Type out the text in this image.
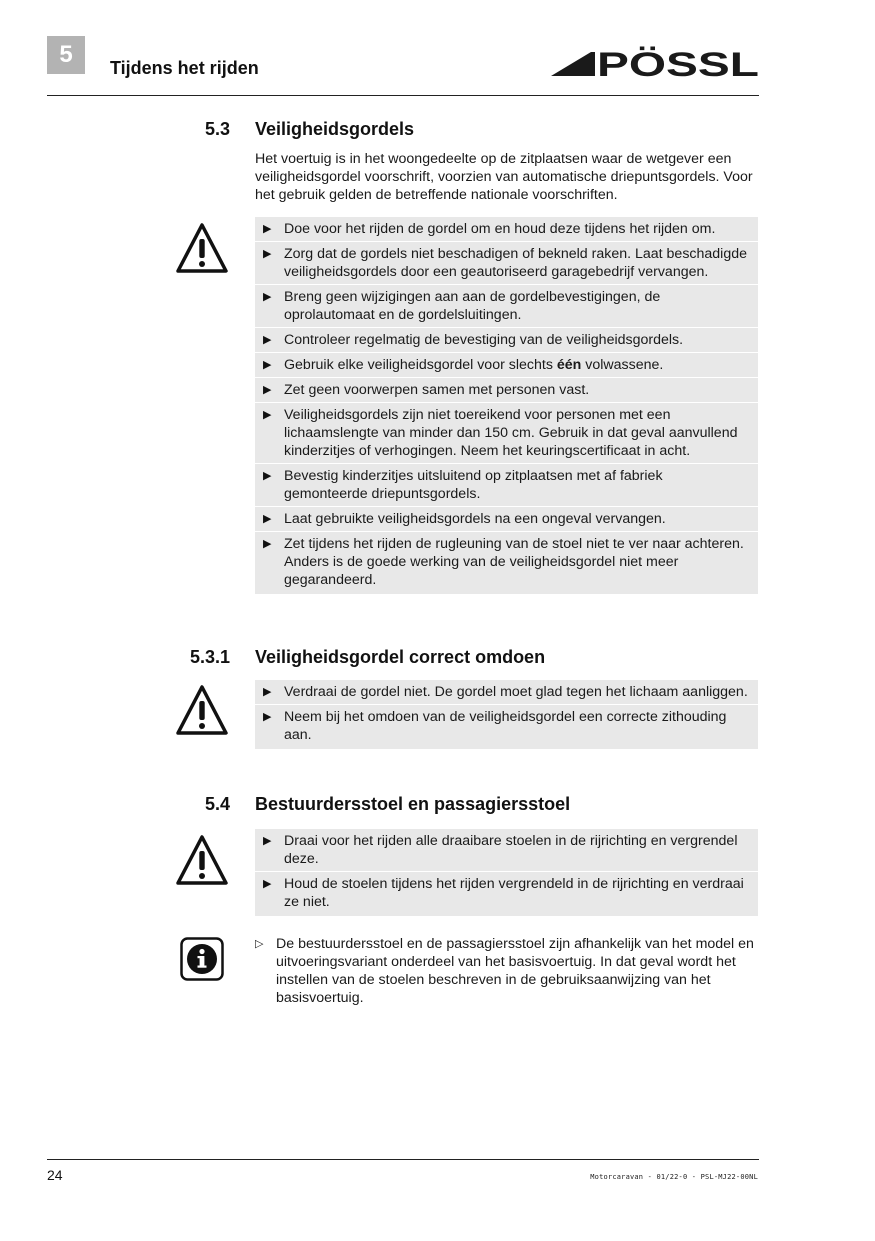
5 Tijdens het rijden	PÖSSL
5.3 Veiligheidsgordels

Het voertuig is in het woongedeelte op de zitplaatsen waar de wetgever een veiligheidsgordel voorschrift, voorzien van automatische driepuntsgordels. Voor het gebruik gelden de betreffende nationale voorschriften.

▶ Doe voor het rijden de gordel om en houd deze tijdens het rijden om.
▶ Zorg dat de gordels niet beschadigen of bekneld raken. Laat beschadigde veiligheidsgordels door een geautoriseerd garagebedrijf vervangen.
▶ Breng geen wijzigingen aan aan de gordelbevestigingen, de oprolautomaat en de gordelsluitingen.
▶ Controleer regelmatig de bevestiging van de veiligheidsgordels.
▶ Gebruik elke veiligheidsgordel voor slechts één volwassene.
▶ Zet geen voorwerpen samen met personen vast.
▶ Veiligheidsgordels zijn niet toereikend voor personen met een lichaamslengte van minder dan 150 cm. Gebruik in dat geval aanvullend kinderzitjes of verhogingen. Neem het keuringscertificaat in acht.
▶ Bevestig kinderzitjes uitsluitend op zitplaatsen met af fabriek gemonteerde driepuntsgordels.
▶ Laat gebruikte veiligheidsgordels na een ongeval vervangen.
▶ Zet tijdens het rijden de rugleuning van de stoel niet te ver naar achteren. Anders is de goede werking van de veiligheidsgordel niet meer gegarandeerd.
5.3.1 Veiligheidsgordel correct omdoen
▶ Verdraai de gordel niet. De gordel moet glad tegen het lichaam aanliggen.
▶ Neem bij het omdoen van de veiligheidsgordel een correcte zithouding aan.
5.4 Bestuurdersstoel en passagiersstoel
▶ Draai voor het rijden alle draaibare stoelen in de rijrichting en vergrendel deze.
▶ Houd de stoelen tijdens het rijden vergrendeld in de rijrichting en verdraai ze niet.
▷ De bestuurdersstoel en de passagiersstoel zijn afhankelijk van het model en uitvoeringsvariant onderdeel van het basisvoertuig. In dat geval wordt het instellen van de stoelen beschreven in de gebruiksaanwijzing van het basisvoertuig.
24	Motorcaravan - 01/22-0 - PSL-MJ22-00NL
